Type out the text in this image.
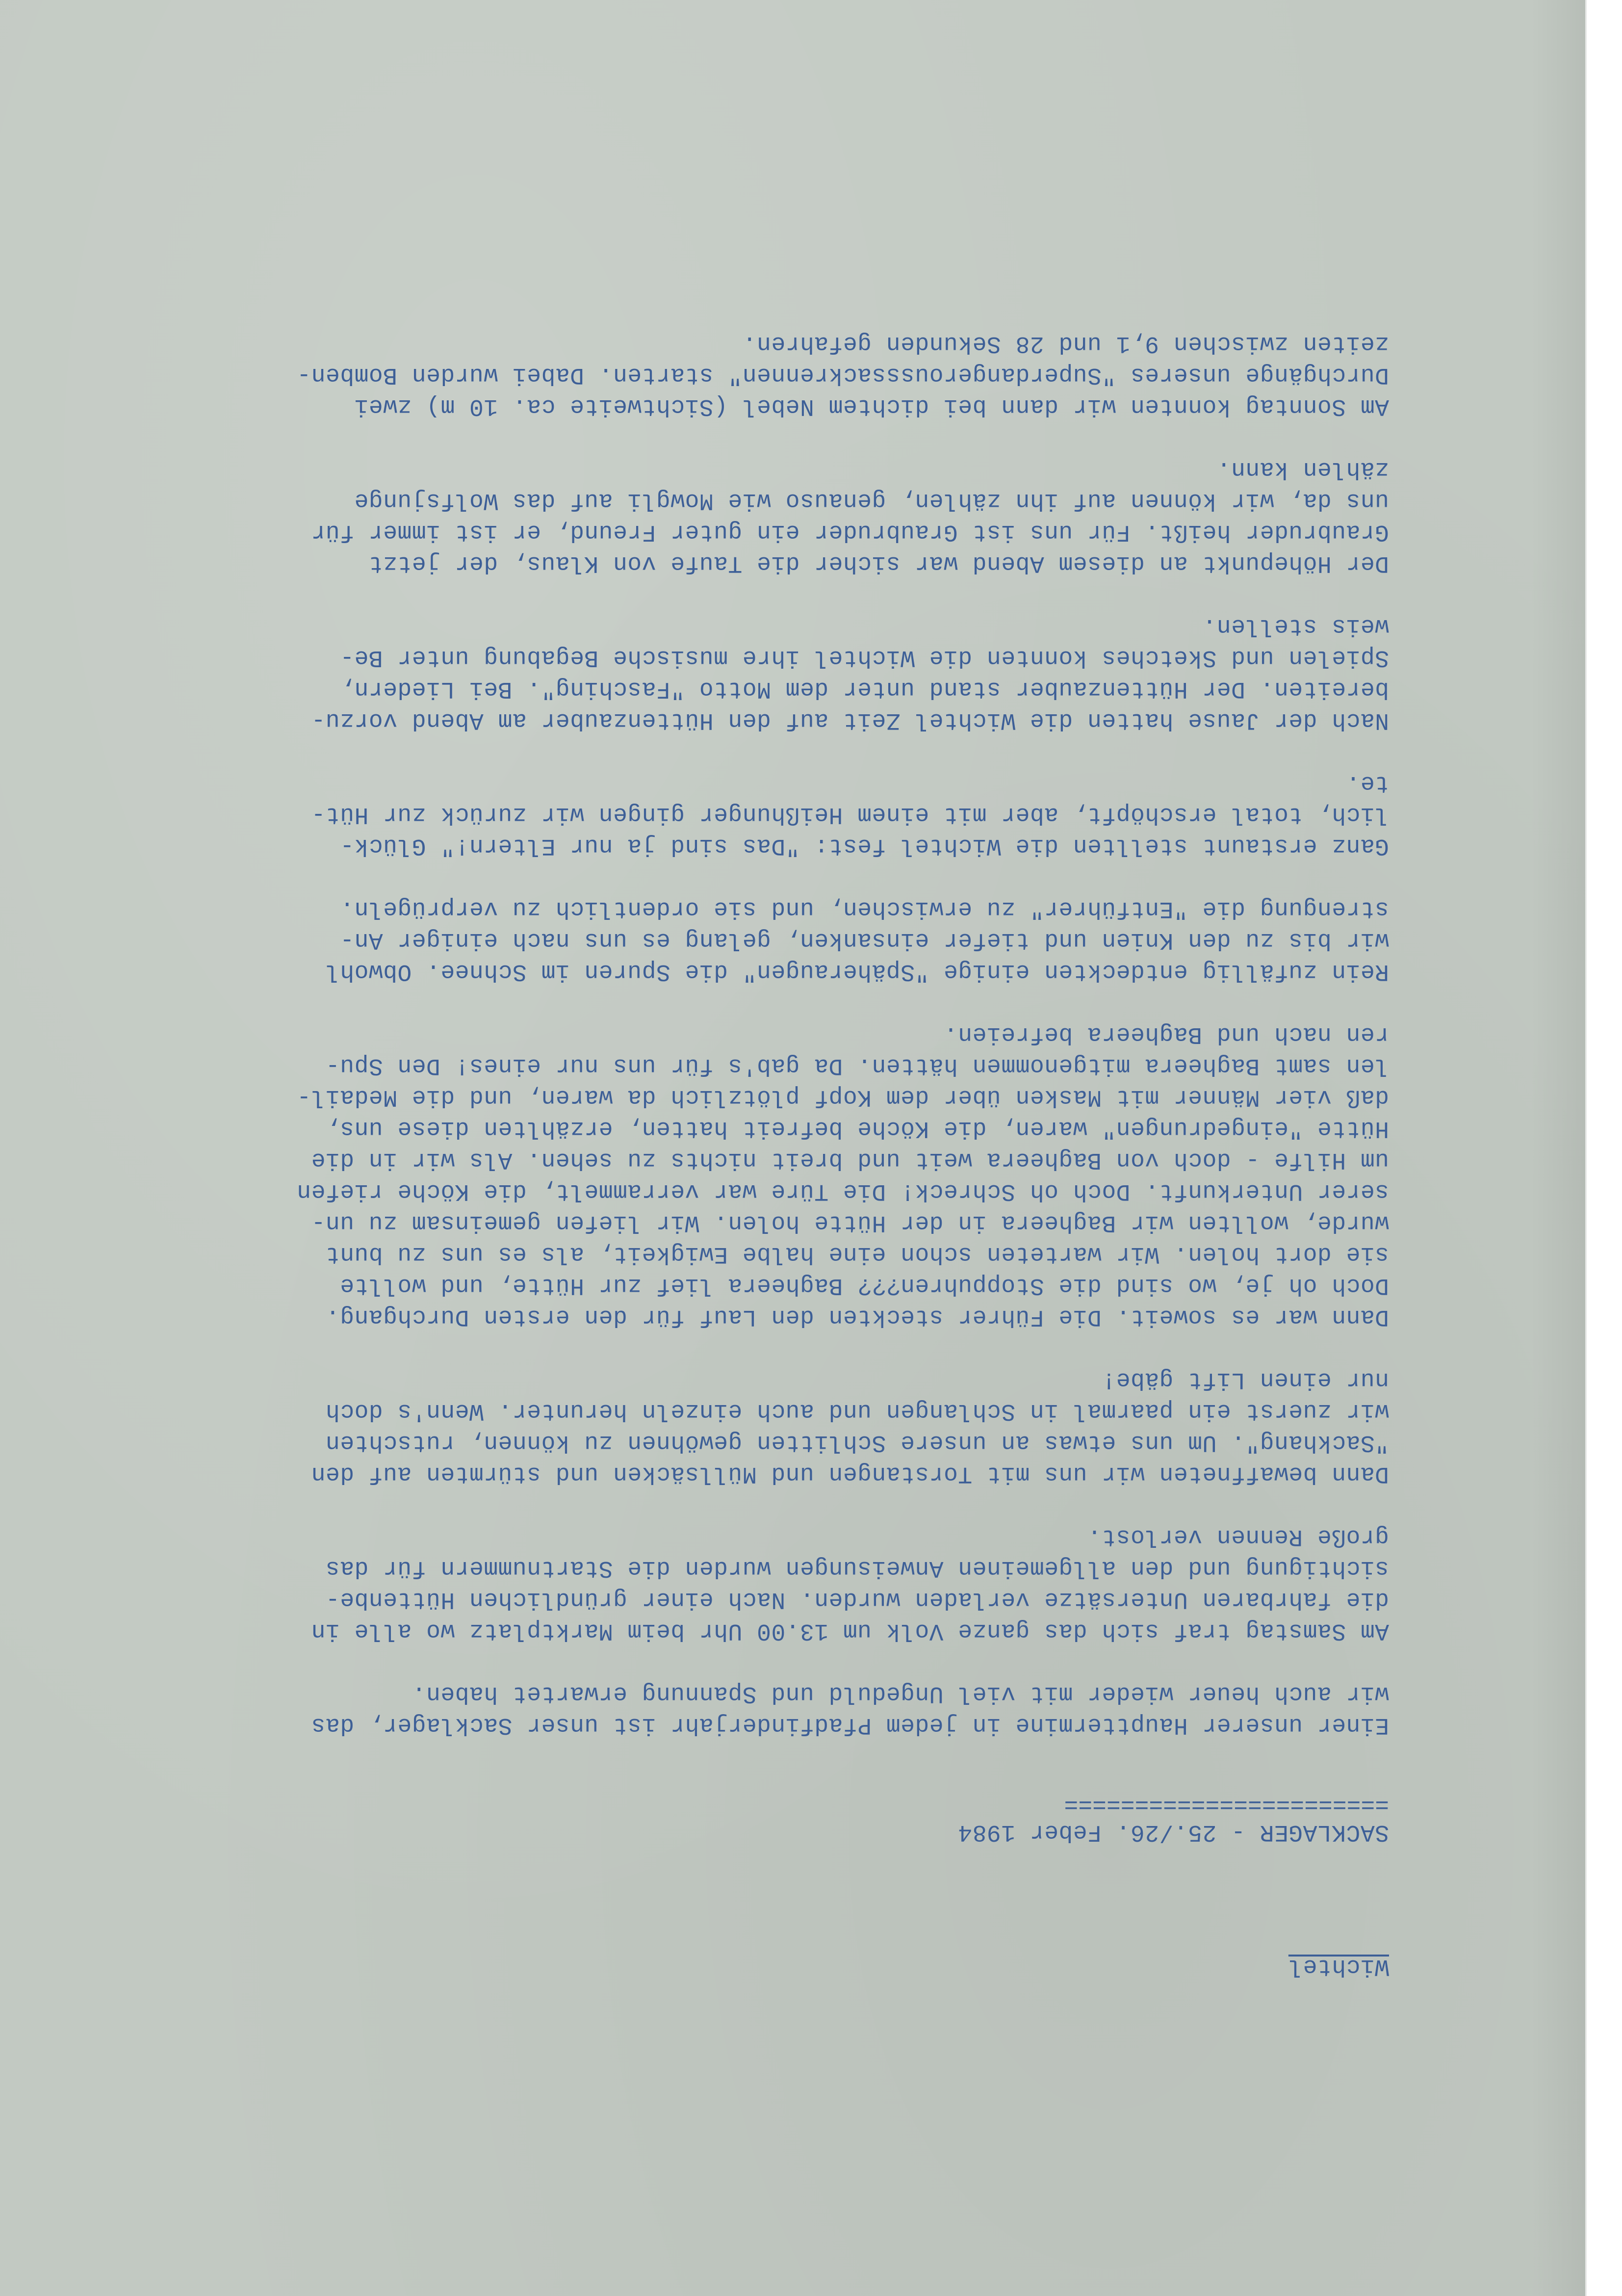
Wichtel
SACKLAGER - 25./26. Feber 1984
=======================
Einer unserer Haupttermine in jedem Pfadfinderjahr ist unser Sacklager, das
wir auch heuer wieder mit viel Ungeduld und Spannung erwartet haben.
Am Samstag traf sich das ganze Volk um 13.00 Uhr beim Marktplatz wo alle in
die fahrbaren Untersätze verladen wurden. Nach einer gründlichen Hüttenbe-
sichtigung und den allgemeinen Anweisungen wurden die Startnummern für das
große Rennen verlost.
Dann bewaffneten wir uns mit Torstangen und Müllsäcken und stürmten auf den
"Sackhang". Um uns etwas an unsere Schlitten gewöhnen zu können, rutschten
wir zuerst ein paarmal in Schlangen und auch einzeln herunter. Wenn's doch
nur einen Lift gäbe!
Dann war es soweit. Die Führer steckten den Lauf für den ersten Durchgang.
Doch oh je, wo sind die Stoppuhren??? Bagheera lief zur Hütte, und wollte
sie dort holen. Wir warteten schon eine halbe Ewigkeit, als es uns zu bunt
wurde, wollten wir Bagheera in der Hütte holen. Wir liefen gemeinsam zu un-
serer Unterkunft. Doch oh Schreck! Die Türe war verrammelt, die Köche riefen
um Hilfe - doch von Bagheera weit und breit nichts zu sehen. Als wir in die
Hütte "eingedrungen" waren, die Köche befreit hatten, erzählten diese uns,
daß vier Männer mit Masken über dem Kopf plötzlich da waren, und die Medail-
len samt Bagheera mitgenommen hätten. Da gab's für uns nur eines! Den Spu-
ren nach und Bagheera befreien.
Rein zufällig entdeckten einige "Späheraugen" die Spuren im Schnee. Obwohl
wir bis zu den Knien und tiefer einsanken, gelang es uns nach einiger An-
strengung die "Entführer" zu erwischen, und sie ordentlich zu verprügeln.
Ganz erstaunt stellten die Wichtel fest: "Das sind ja nur Eltern!" Glück-
lich, total erschöpft, aber mit einem Heißhunger gingen wir zurück zur Hüt-
te.
Nach der Jause hatten die Wichtel Zeit auf den Hüttenzauber am Abend vorzu-
bereiten. Der Hüttenzauber stand unter dem Motto "Fasching". Bei Liedern,
Spielen und Sketches konnten die Wichtel ihre musische Begabung unter Be-
weis stellen.
Der Höhepunkt an diesem Abend war sicher die Taufe von Klaus, der jetzt
Graubruder heißt. Für uns ist Graubruder ein guter Freund, er ist immer für
uns da, wir können auf ihn zählen, genauso wie Mowgli auf das Wolfsjunge
zählen kann.
Am Sonntag konnten wir dann bei dichtem Nebel (Sichtweite ca. 10 m) zwei
Durchgänge unseres "Superdangerousssackrennen" starten. Dabei wurden Bomben-
zeiten zwischen 9,1 und 28 Sekunden gefahren.
